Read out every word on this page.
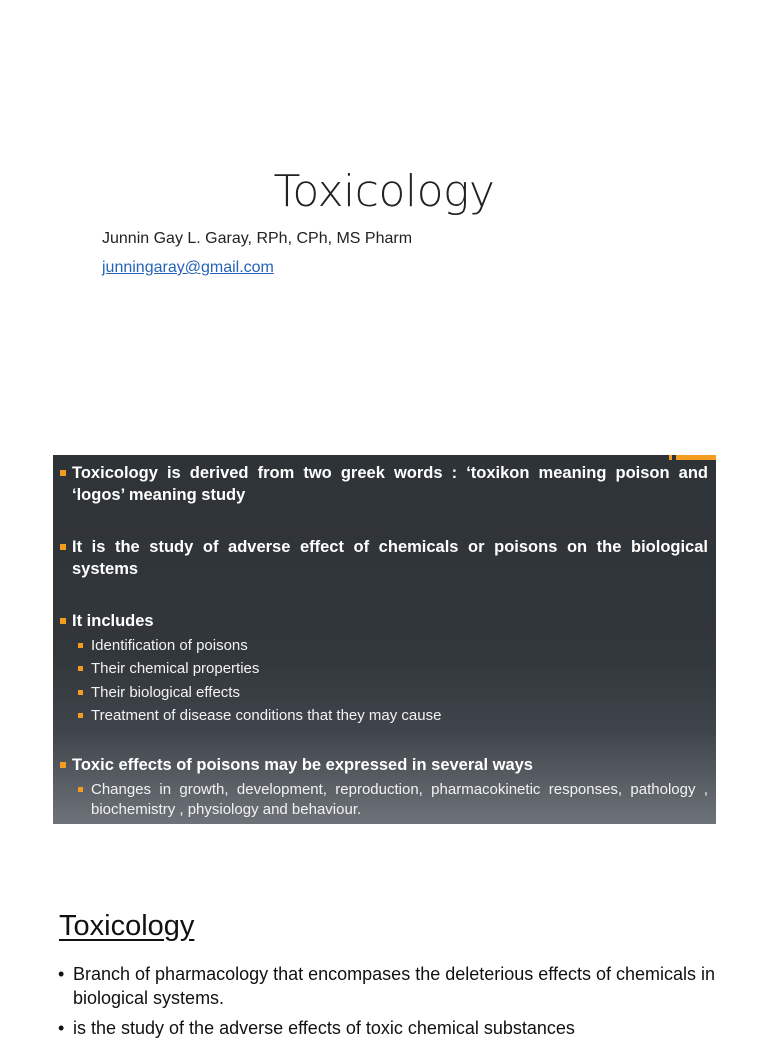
Toxicology
Junnin Gay L. Garay, RPh, CPh, MS Pharm
junningaray@gmail.com
Toxicology is derived from two greek words : ‘toxikon meaning poison and ‘logos’ meaning study
It is the study of adverse effect of chemicals or poisons on the biological systems
It includes
Identification of poisons
Their chemical properties
Their biological effects
Treatment of disease conditions that they may cause
Toxic effects of poisons may be expressed in several ways
Changes in growth, development, reproduction, pharmacokinetic responses, pathology , biochemistry , physiology and behaviour.
Toxicology
• Branch of pharmacology that encompases the deleterious effects of chemicals in biological systems.
• is the study of the adverse effects of toxic chemical substances
